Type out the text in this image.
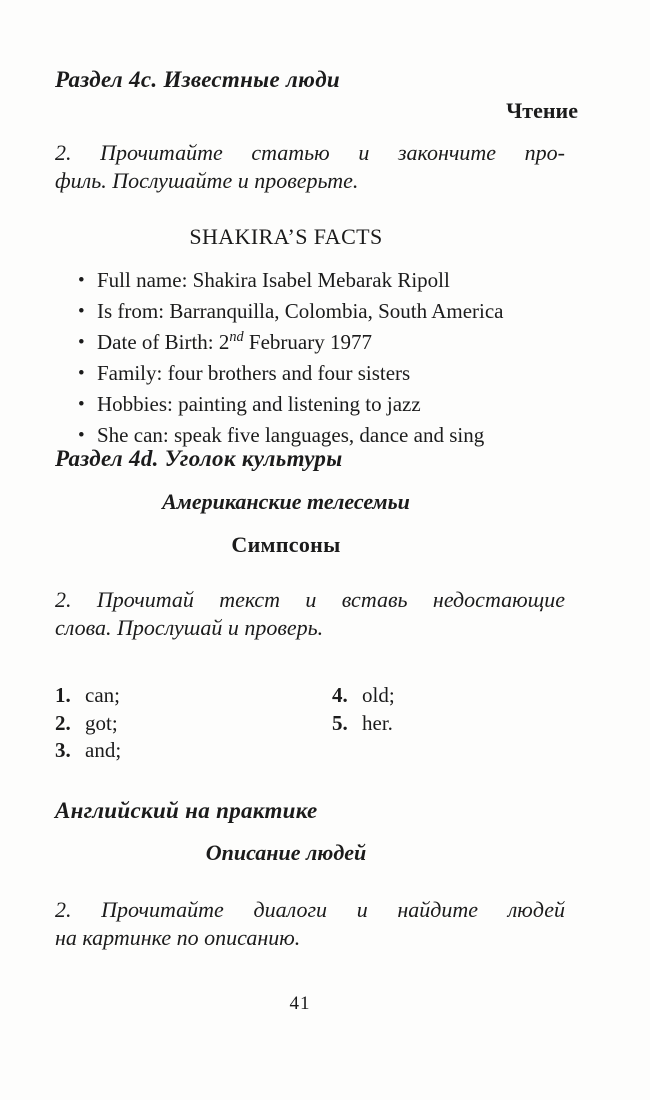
Раздел 4c. Известные люди
Чтение
2. Прочитайте статью и закончите про-
филь. Послушайте и проверьте.
SHAKIRA’S FACTS
• Full name: Shakira Isabel Mebarak Ripoll
• Is from: Barranquilla, Colombia, South America
• Date of Birth: 2nd February 1977
• Family: four brothers and four sisters
• Hobbies: painting and listening to jazz
• She can: speak five languages, dance and sing
Раздел 4d. Уголок культуры
Американские телесемьи
Симпсоны
2. Прочитай текст и вставь недостающие
слова. Прослушай и проверь.
1. can;
2. got;
3. and;
4. old;
5. her.
Английский на практике
Описание людей
2. Прочитайте диалоги и найдите людей
на картинке по описанию.
41
